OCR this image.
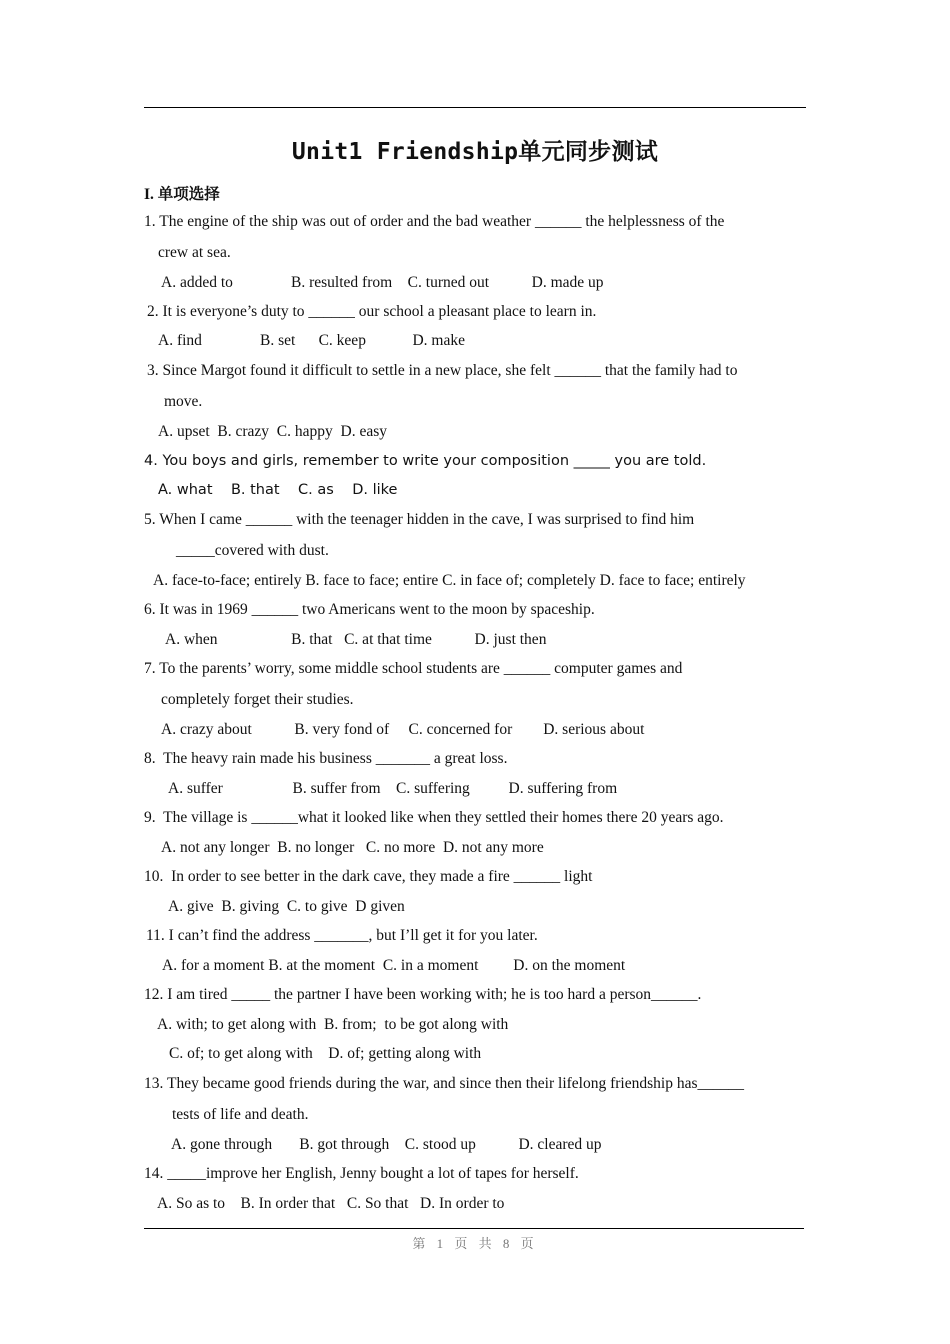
Unit1 Friendship单元同步测试
I. 单项选择
1. The engine of the ship was out of order and the bad weather ______ the helplessness of the
crew at sea.
A. added to               B. resulted from    C. turned out           D. made up
2. It is everyone’s duty to ______ our school a pleasant place to learn in.
A. find               B. set      C. keep            D. make
3. Since Margot found it difficult to settle in a new place, she felt ______ that the family had to
move.
A. upset  B. crazy  C. happy  D. easy
4. You boys and girls, remember to write your composition _____ you are told.
A. what    B. that    C. as    D. like
5. When I came ______ with the teenager hidden in the cave, I was surprised to find him
_____covered with dust.
A. face-to-face; entirely B. face to face; entire C. in face of; completely D. face to face; entirely
6. It was in 1969 ______ two Americans went to the moon by spaceship.
A. when                   B. that   C. at that time           D. just then
7. To the parents’ worry, some middle school students are ______ computer games and
completely forget their studies.
A. crazy about           B. very fond of     C. concerned for        D. serious about
8.  The heavy rain made his business _______ a great loss.
A. suffer                  B. suffer from    C. suffering          D. suffering from
9.  The village is ______what it looked like when they settled their homes there 20 years ago.
A. not any longer  B. no longer   C. no more  D. not any more
10.  In order to see better in the dark cave, they made a fire ______ light
A. give  B. giving  C. to give  D given
11. I can’t find the address _______, but I’ll get it for you later.
A. for a moment B. at the moment  C. in a moment         D. on the moment
12. I am tired _____ the partner I have been working with; he is too hard a person______.
A. with; to get along with  B. from;  to be got along with
C. of; to get along with    D. of; getting along with
13. They became good friends during the war, and since then their lifelong friendship has______
tests of life and death.
A. gone through       B. got through    C. stood up           D. cleared up
14. _____improve her English, Jenny bought a lot of tapes for herself.
A. So as to    B. In order that   C. So that   D. In order to
第 1 页 共 8 页
